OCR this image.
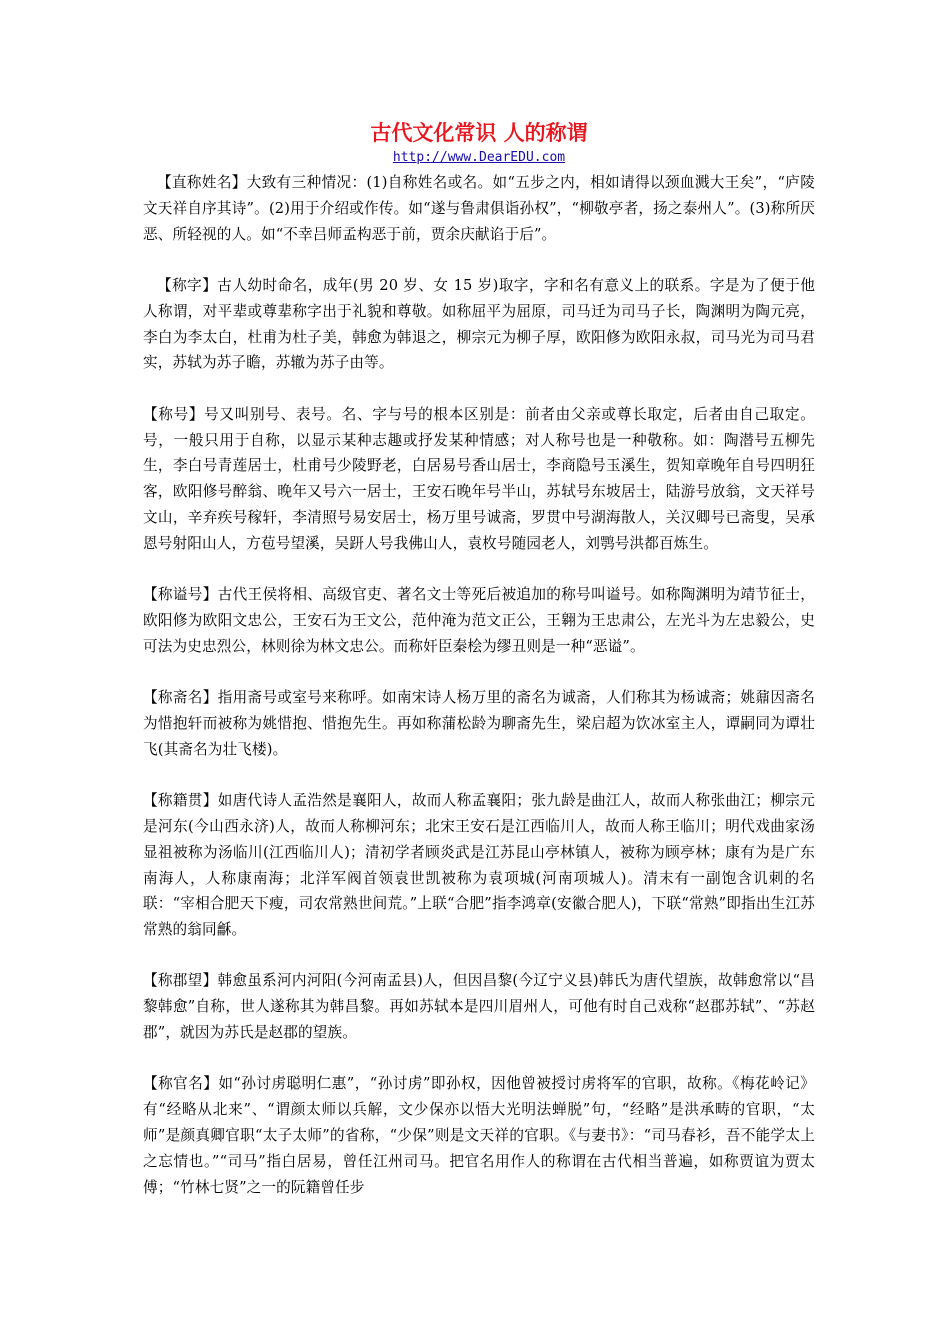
古代文化常识 人的称谓
http://www.DearEDU.com

【直称姓名】大致有三种情况：(1)自称姓名或名。如“五步之内，相如请得以颈血溅大王矣”，“庐陵文天祥自序其诗”。(2)用于介绍或作传。如“遂与鲁肃俱诣孙权”，“柳敬亭者，扬之泰州人”。(3)称所厌恶、所轻视的人。如“不幸吕师孟构恶于前，贾余庆献谄于后”。

【称字】古人幼时命名，成年(男 20 岁、女 15 岁)取字，字和名有意义上的联系。字是为了便于他人称谓，对平辈或尊辈称字出于礼貌和尊敬。如称屈平为屈原，司马迁为司马子长，陶渊明为陶元亮，李白为李太白，杜甫为杜子美，韩愈为韩退之，柳宗元为柳子厚，欧阳修为欧阳永叔，司马光为司马君实，苏轼为苏子瞻，苏辙为苏子由等。

【称号】号又叫别号、表号。名、字与号的根本区别是：前者由父亲或尊长取定，后者由自己取定。号，一般只用于自称，以显示某种志趣或抒发某种情感；对人称号也是一种敬称。如：陶潜号五柳先生，李白号青莲居士，杜甫号少陵野老，白居易号香山居士，李商隐号玉溪生，贺知章晚年自号四明狂客，欧阳修号醉翁、晚年又号六一居士，王安石晚年号半山，苏轼号东坡居士，陆游号放翁，文天祥号文山，辛弃疾号稼轩，李清照号易安居士，杨万里号诚斋，罗贯中号湖海散人，关汉卿号已斋叟，吴承恩号射阳山人，方苞号望溪，吴趼人号我佛山人，袁枚号随园老人，刘鹗号洪都百炼生。

【称谥号】古代王侯将相、高级官吏、著名文士等死后被追加的称号叫谥号。如称陶渊明为靖节征士，欧阳修为欧阳文忠公，王安石为王文公，范仲淹为范文正公，王翱为王忠肃公，左光斗为左忠毅公，史可法为史忠烈公，林则徐为林文忠公。而称奸臣秦桧为缪丑则是一种“恶谥”。

【称斋名】指用斋号或室号来称呼。如南宋诗人杨万里的斋名为诚斋，人们称其为杨诚斋；姚鼐因斋名为惜抱轩而被称为姚惜抱、惜抱先生。再如称蒲松龄为聊斋先生，梁启超为饮冰室主人，谭嗣同为谭壮飞(其斋名为壮飞楼)。

【称籍贯】如唐代诗人孟浩然是襄阳人，故而人称孟襄阳；张九龄是曲江人，故而人称张曲江；柳宗元是河东(今山西永济)人，故而人称柳河东；北宋王安石是江西临川人，故而人称王临川；明代戏曲家汤显祖被称为汤临川(江西临川人)；清初学者顾炎武是江苏昆山亭林镇人，被称为顾亭林；康有为是广东南海人，人称康南海；北洋军阀首领袁世凯被称为袁项城(河南项城人)。清末有一副饱含讥刺的名联：“宰相合肥天下瘦，司农常熟世间荒。”上联“合肥”指李鸿章(安徽合肥人)，下联“常熟”即指出生江苏常熟的翁同龢。

【称郡望】韩愈虽系河内河阳(今河南孟县)人，但因昌黎(今辽宁义县)韩氏为唐代望族，故韩愈常以“昌黎韩愈”自称，世人遂称其为韩昌黎。再如苏轼本是四川眉州人，可他有时自己戏称“赵郡苏轼”、“苏赵郡”，就因为苏氏是赵郡的望族。

【称官名】如“孙讨虏聪明仁惠”，“孙讨虏”即孙权，因他曾被授讨虏将军的官职，故称。《梅花岭记》有“经略从北来”、“谓颜太师以兵解，文少保亦以悟大光明法蝉脱”句，“经略”是洪承畴的官职，“太师”是颜真卿官职“太子太师”的省称，“少保”则是文天祥的官职。《与妻书》：“司马春衫，吾不能学太上之忘情也。”“司马”指白居易，曾任江州司马。把官名用作人的称谓在古代相当普遍，如称贾谊为贾太傅；“竹林七贤”之一的阮籍曾任步
